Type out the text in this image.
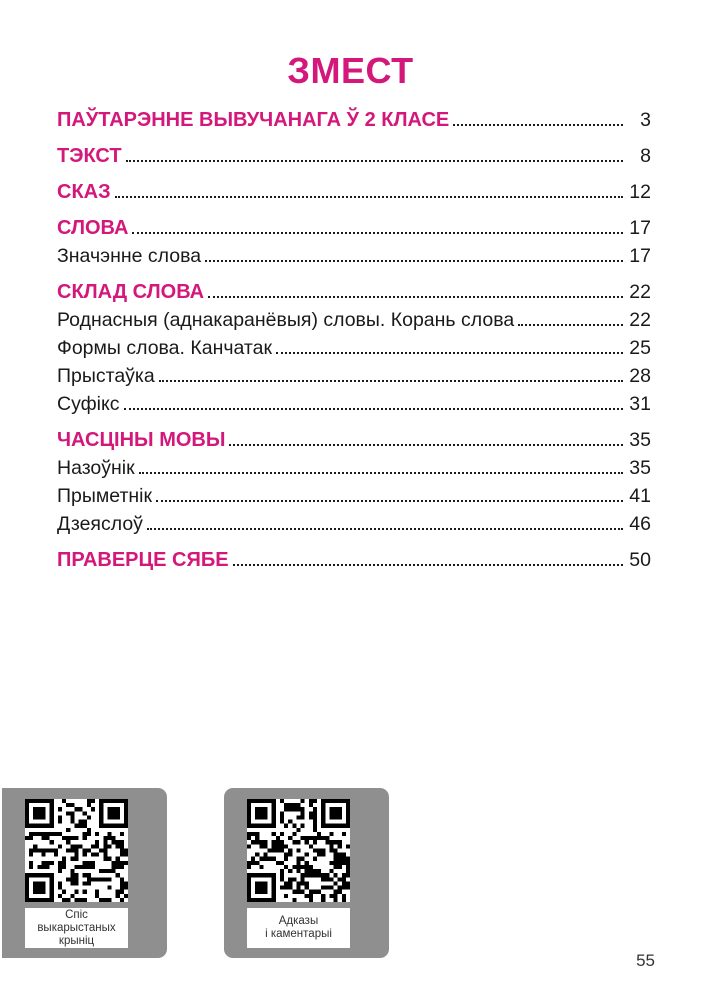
ЗМЕСТ
ПАЎТАРЭННЕ ВЫВУЧАНАГА Ў 2 КЛАСЕ	3
ТЭКСТ	8
СКАЗ	12
СЛОВА	17
Значэнне слова	17
СКЛАД СЛОВА	22
Роднасныя (аднакаранёвыя) словы. Корань слова	22
Формы слова. Канчатак	25
Прыстаўка	28
Суфікс	31
ЧАСЦІНЫ МОВЫ	35
Назоўнік	35
Прыметнік	41
Дзеяслоў	46
ПРАВЕРЦЕ СЯБЕ	50
Спіс
выкарыстаных
крыніц
Адказы
і каментарыі
55
